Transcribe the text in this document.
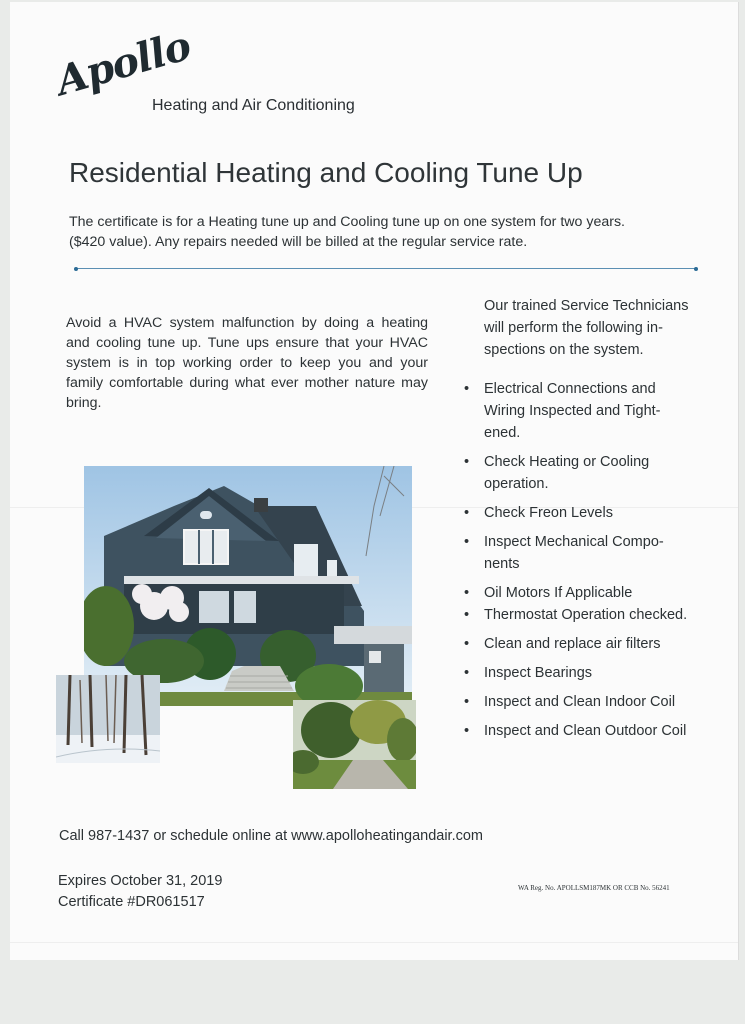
Apollo
Heating and Air Conditioning
Residential Heating and Cooling Tune Up
The certificate is for a Heating tune up and Cooling tune up on one system for two years.
($420 value). Any repairs needed will be billed at the regular service rate.
Avoid a HVAC system malfunction by doing a heating and cooling tune up. Tune ups ensure that your HVAC system is in top working order to keep you and your family comfortable during what ever mother nature may bring.
Our trained Service Technicians will perform the following in-spections on the system.
• Electrical Connections and Wiring Inspected and Tight-ened.
• Check Heating or Cooling operation.
• Check Freon Levels
• Inspect Mechanical Compo-nents
• Oil Motors If Applicable
• Thermostat Operation checked.
• Clean and replace air filters
• Inspect Bearings
• Inspect and Clean Indoor Coil
• Inspect and Clean Outdoor Coil
Call 987-1437 or schedule online at www.apolloheatingandair.com
Expires October 31, 2019
Certificate #DR061517
WA Reg. No. APOLLSM187MK OR CCB No. 56241
